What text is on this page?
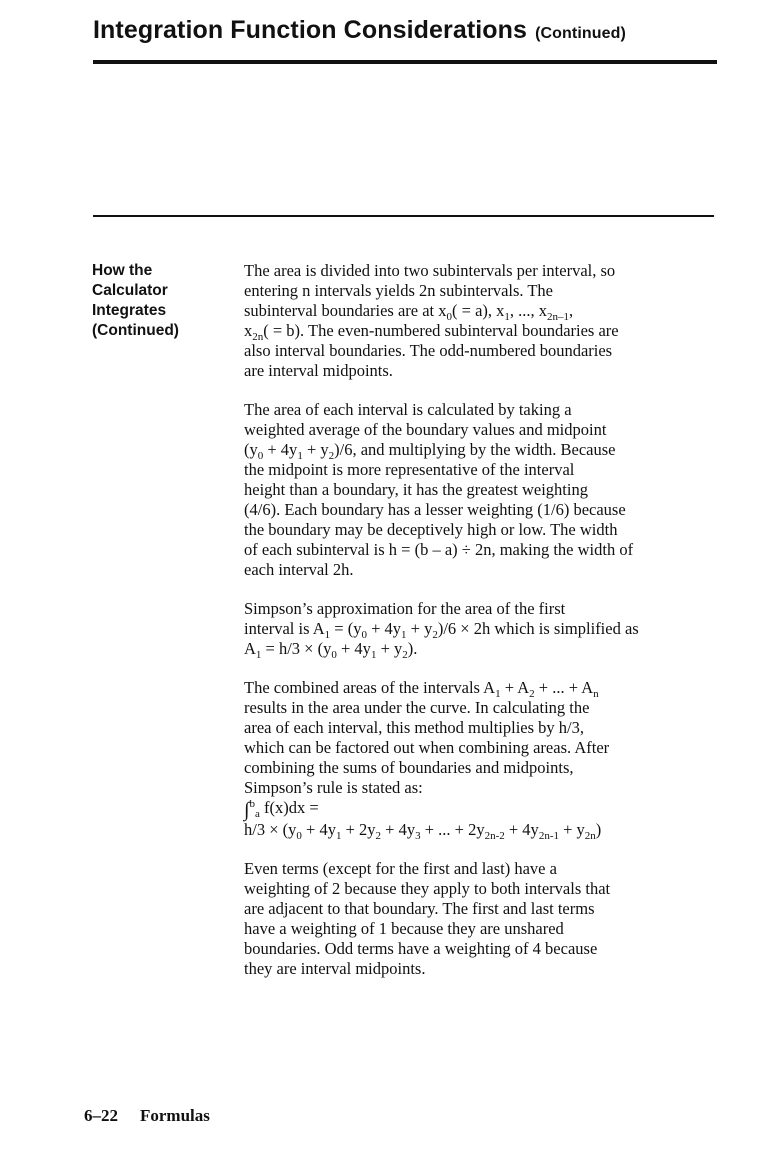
Integration Function Considerations (Continued)
How the
Calculator
Integrates
(Continued)

The area is divided into two subintervals per interval, so
entering n intervals yields 2n subintervals. The
subinterval boundaries are at $x_0( = a)$, $x_1$, ..., $x_{2n-1}$,
$x_{2n}( = b)$. The even-numbered subinterval boundaries are
also interval boundaries. The odd-numbered boundaries
are interval midpoints.

The area of each interval is calculated by taking a
weighted average of the boundary values and midpoint
$(y_0 + 4y_1 + y_2)/6$, and multiplying by the width. Because
the midpoint is more representative of the interval
height than a boundary, it has the greatest weighting
(4/6). Each boundary has a lesser weighting (1/6) because
the boundary may be deceptively high or low. The width
of each subinterval is h = (b – a) ÷ 2n, making the width of
each interval 2h.

Simpson’s approximation for the area of the first
interval is $A_1 = (y_0 + 4y_1 + y_2)/6 \times 2h$ which is simplified as
$A_1 = h/3 \times (y_0 + 4y_1 + y_2)$.

The combined areas of the intervals $A_1 + A_2$ + ... + $A_n$
results in the area under the curve. In calculating the
area of each interval, this method multiplies by h/3,
which can be factored out when combining areas. After
combining the sums of boundaries and midpoints,
Simpson’s rule is stated as:

∫$^b_a$ f(x)dx =

$h/3 \times (y_0 + 4y_1 + 2y_2 + 4y_3$ + ... + $2y_{2n-2} + 4y_{2n-1} + y_{2n}$)

Even terms (except for the first and last) have a
weighting of 2 because they apply to both intervals that
are adjacent to that boundary. The first and last terms
have a weighting of 1 because they are unshared
boundaries. Odd terms have a weighting of 4 because
they are interval midpoints.

6–22 Formulas
